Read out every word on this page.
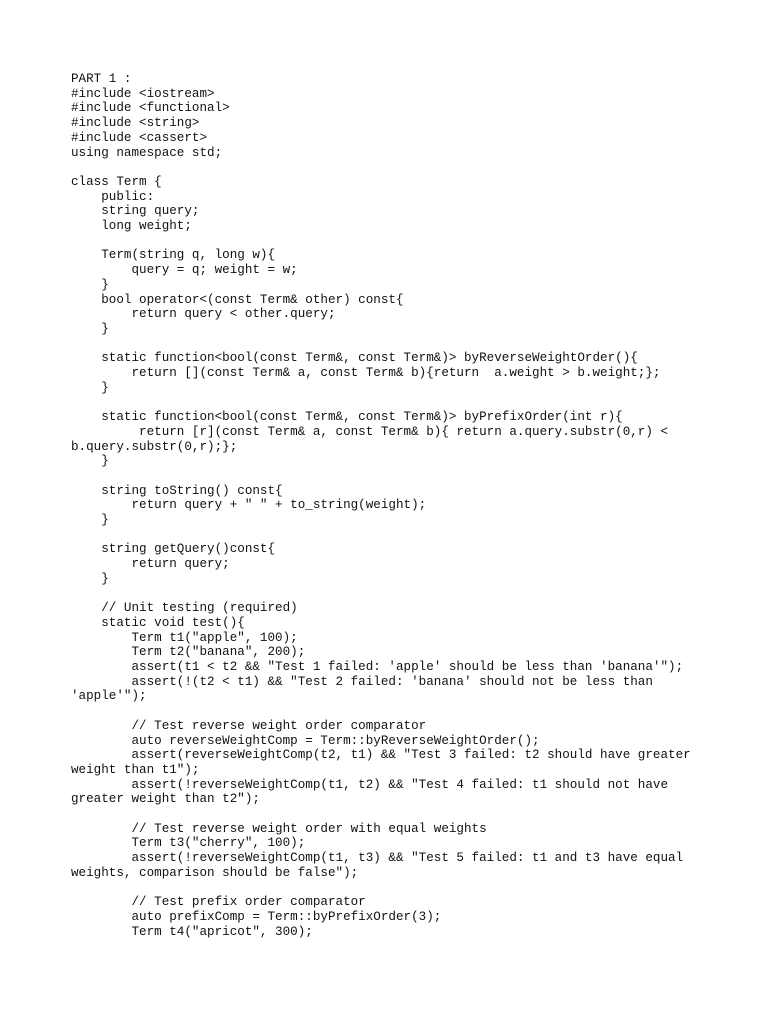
PART 1 :
#include <iostream>
#include <functional>
#include <string>
#include <cassert>
using namespace std;
class Term {
public:
string query;
long weight;
Term(string q, long w){
query = q; weight = w;
}
bool operator<(const Term& other) const{
return query < other.query;
}
static function<bool(const Term&, const Term&)> byReverseWeightOrder(){
return [](const Term& a, const Term& b){return  a.weight > b.weight;};
}
static function<bool(const Term&, const Term&)> byPrefixOrder(int r){
return [r](const Term& a, const Term& b){ return a.query.substr(0,r) <
b.query.substr(0,r);};
}
string toString() const{
return query + " " + to_string(weight);
}
string getQuery()const{
return query;
}
// Unit testing (required)
static void test(){
Term t1("apple", 100);
Term t2("banana", 200);
assert(t1 < t2 && "Test 1 failed: 'apple' should be less than 'banana'");
assert(!(t2 < t1) && "Test 2 failed: 'banana' should not be less than
'apple'");
// Test reverse weight order comparator
auto reverseWeightComp = Term::byReverseWeightOrder();
assert(reverseWeightComp(t2, t1) && "Test 3 failed: t2 should have greater
weight than t1");
assert(!reverseWeightComp(t1, t2) && "Test 4 failed: t1 should not have
greater weight than t2");
// Test reverse weight order with equal weights
Term t3("cherry", 100);
assert(!reverseWeightComp(t1, t3) && "Test 5 failed: t1 and t3 have equal
weights, comparison should be false");
// Test prefix order comparator
auto prefixComp = Term::byPrefixOrder(3);
Term t4("apricot", 300);
